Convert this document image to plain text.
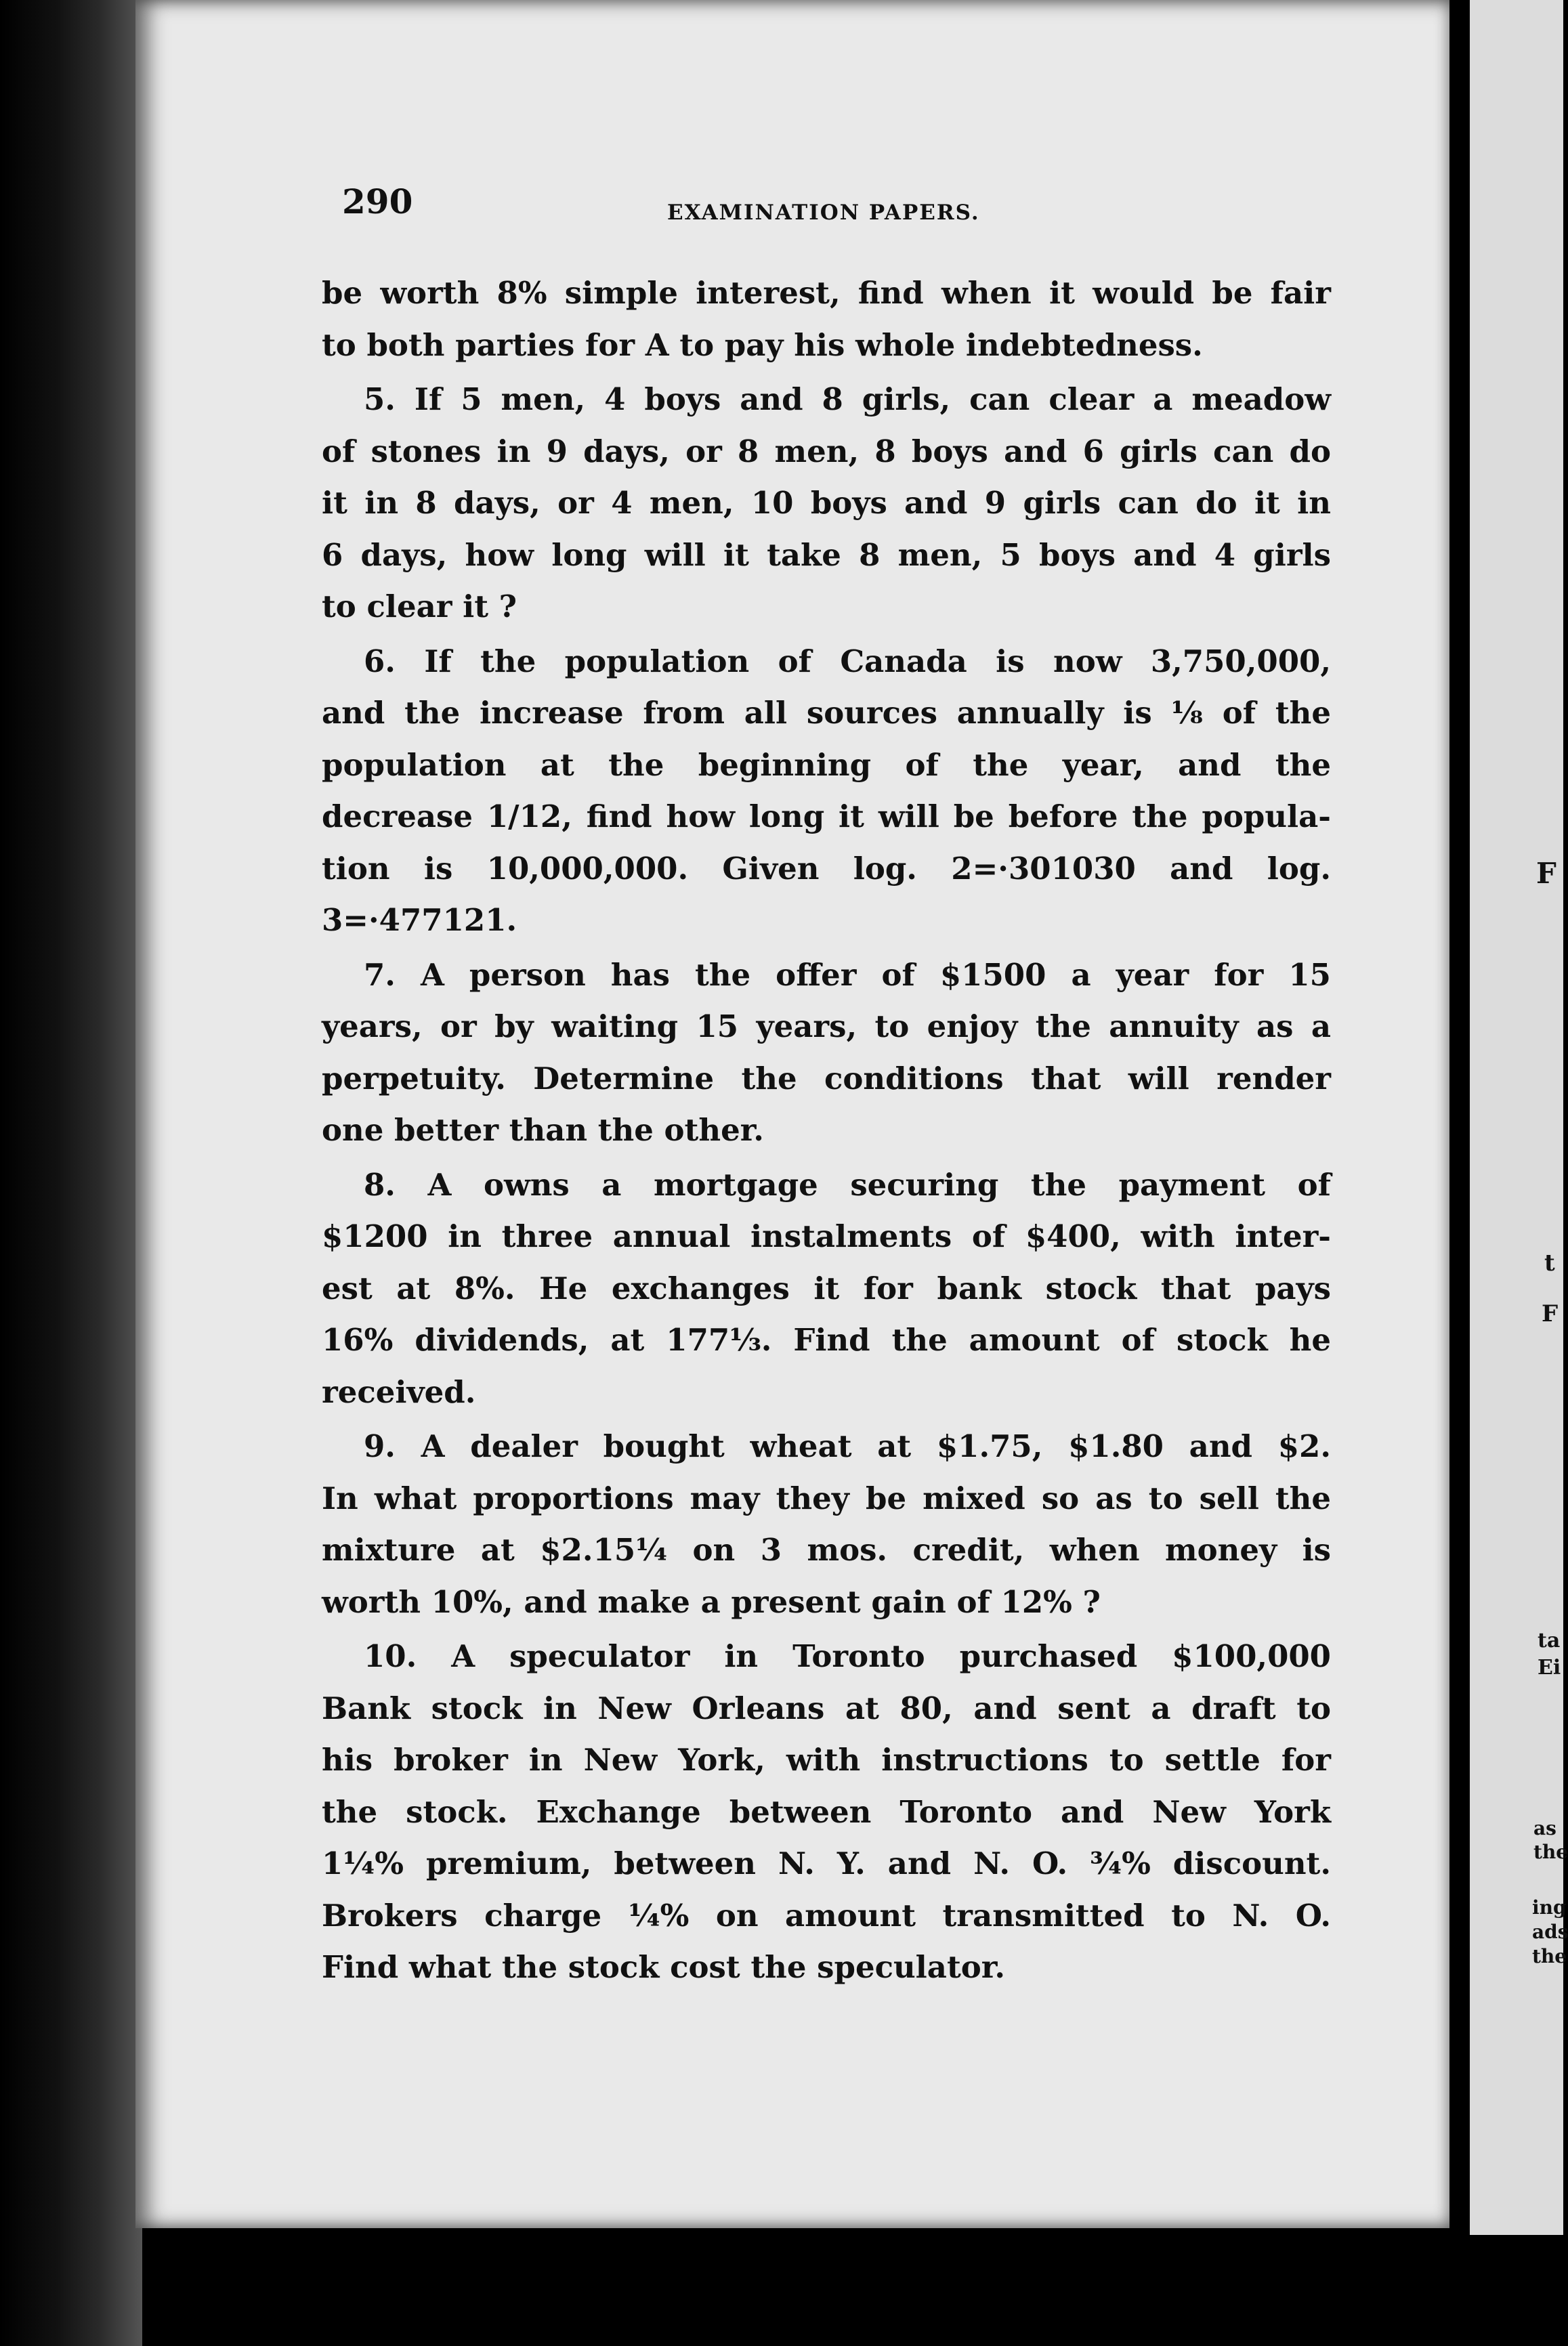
F
t
F
ta
Ei
as
the
ing
ads
the
290	EXAMINATION PAPERS.
be worth 8% simple interest, find when it would be fair
to both parties for A to pay his whole indebtedness.
5. If 5 men, 4 boys and 8 girls, can clear a meadow
of stones in 9 days, or 8 men, 8 boys and 6 girls can do
it in 8 days, or 4 men, 10 boys and 9 girls can do it in
6 days, how long will it take 8 men, 5 boys and 4 girls
to clear it ?
6. If the population of Canada is now 3,750,000,
and the increase from all sources annually is ⅛ of the
population at the beginning of the year, and the
decrease 1/12, find how long it will be before the popula-
tion is 10,000,000. Given log. 2=·301030 and log.
3=·477121.
7. A person has the offer of $1500 a year for 15
years, or by waiting 15 years, to enjoy the annuity as a
perpetuity. Determine the conditions that will render
one better than the other.
8. A owns a mortgage securing the payment of
$1200 in three annual instalments of $400, with inter-
est at 8%. He exchanges it for bank stock that pays
16% dividends, at 177⅓. Find the amount of stock he
received.
9. A dealer bought wheat at $1.75, $1.80 and $2.
In what proportions may they be mixed so as to sell the
mixture at $2.15¼ on 3 mos. credit, when money is
worth 10%, and make a present gain of 12% ?
10. A speculator in Toronto purchased $100,000
Bank stock in New Orleans at 80, and sent a draft to
his broker in New York, with instructions to settle for
the stock. Exchange between Toronto and New York
1¼% premium, between N. Y. and N. O. ¾% discount.
Brokers charge ¼% on amount transmitted to N. O.
Find what the stock cost the speculator.
